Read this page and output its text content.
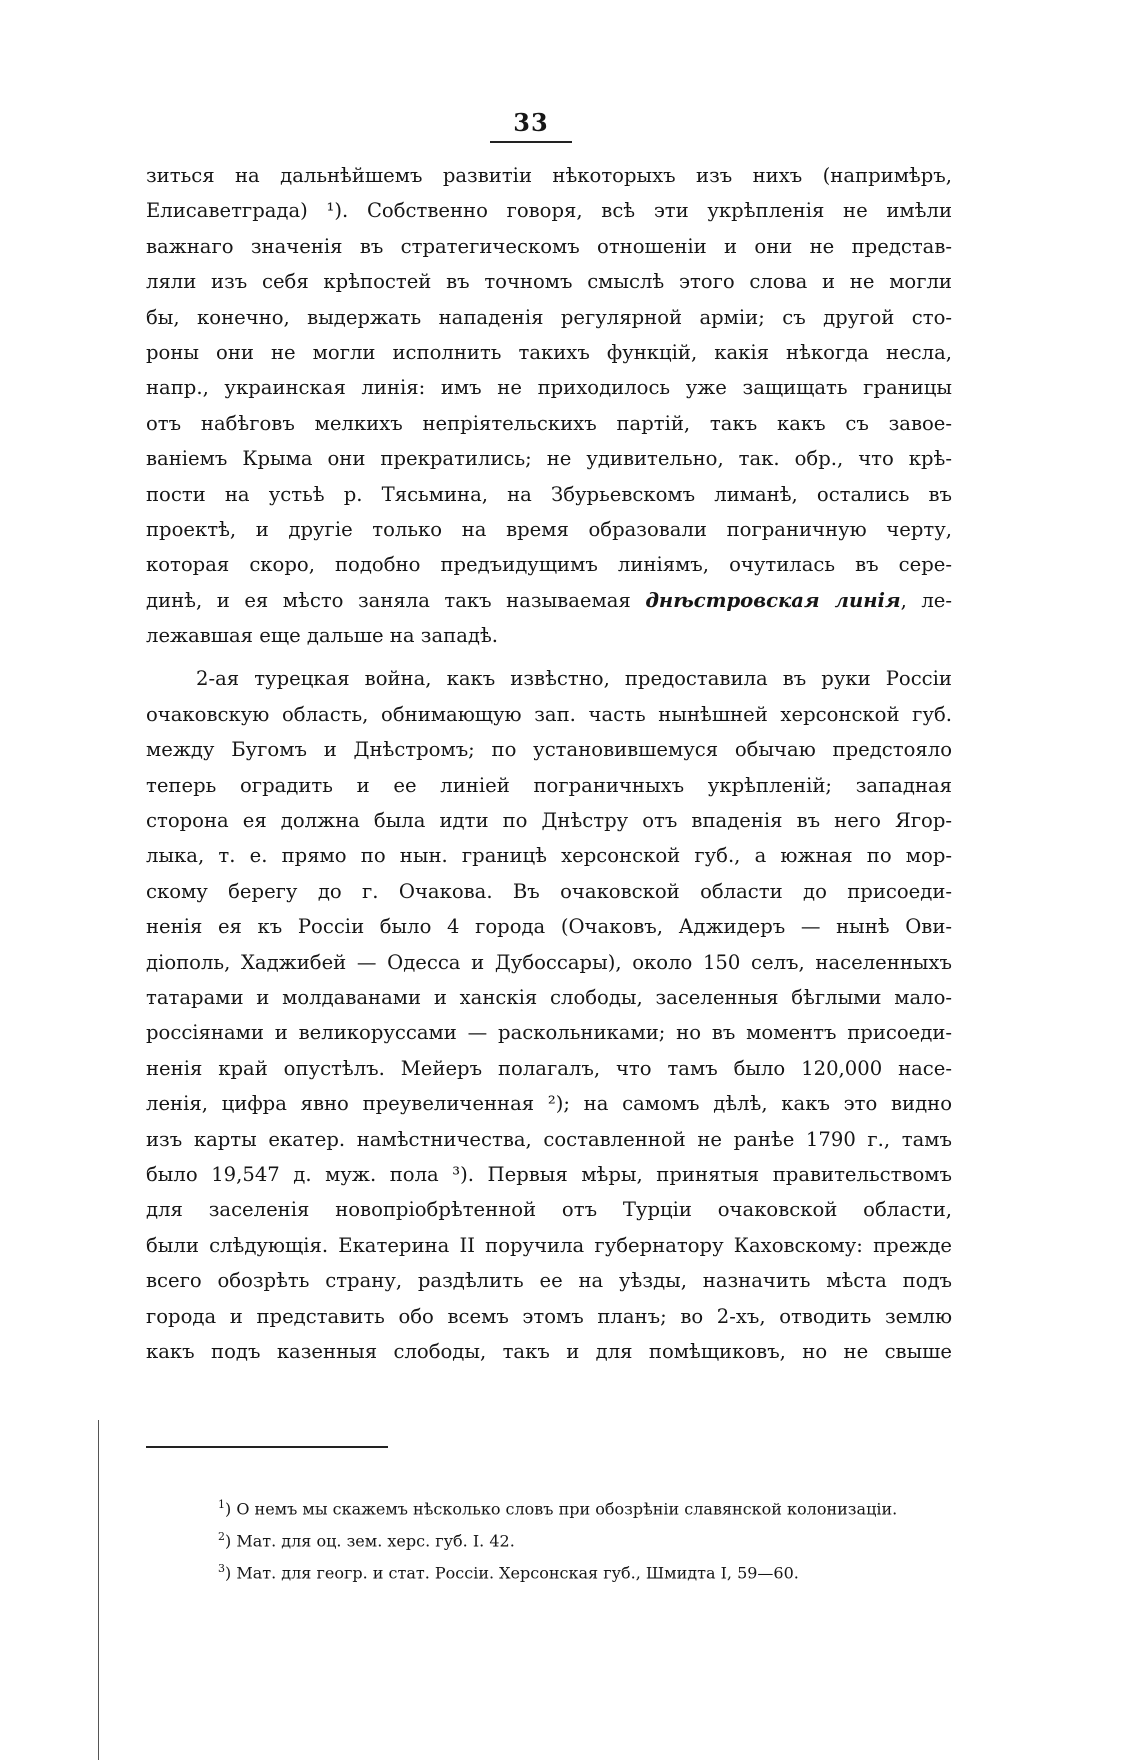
33
зиться на дальнѣйшемъ развитіи нѣкоторыхъ изъ нихъ (напримѣръ,
Елисаветграда) ¹). Собственно говоря, всѣ эти укрѣпленія не имѣли
важнаго значенія въ стратегическомъ отношеніи и они не представ-
ляли изъ себя крѣпостей въ точномъ смыслѣ этого слова и не могли
бы, конечно, выдержать нападенія регулярной арміи; съ другой сто-
роны они не могли исполнить такихъ функцій, какія нѣкогда несла,
напр., украинская линія: имъ не приходилось уже защищать границы
отъ набѣговъ мелкихъ непріятельскихъ партій, такъ какъ съ завое-
ваніемъ Крыма они прекратились; не удивительно, так. обр., что крѣ-
пости на устьѣ р. Тясьмина, на Збурьевскомъ лиманѣ, остались въ
проектѣ, и другіе только на время образовали пограничную черту,
которая скоро, подобно предъидущимъ линіямъ, очутилась въ сере-
динѣ, и ея мѣсто заняла такъ называемая днѣстровская линія, ле-
лежавшая еще дальше на западѣ.
2-ая турецкая война, какъ извѣстно, предоставила въ руки Россіи
очаковскую область, обнимающую зап. часть нынѣшней херсонской губ.
между Бугомъ и Днѣстромъ; по установившемуся обычаю предстояло
теперь оградить и ее линіей пограничныхъ укрѣпленій; западная
сторона ея должна была идти по Днѣстру отъ впаденія въ него Ягор-
лыка, т. е. прямо по нын. границѣ херсонской губ., а южная по мор-
скому берегу до г. Очакова. Въ очаковской области до присоеди-
ненія ея къ Россіи было 4 города (Очаковъ, Аджидеръ — нынѣ Ови-
діополь, Хаджибей — Одесса и Дубоссары), около 150 селъ, населенныхъ
татарами и молдаванами и ханскія слободы, заселенныя бѣглыми мало-
россіянами и великоруссами — раскольниками; но въ моментъ присоеди-
ненія край опустѣлъ. Мейеръ полагалъ, что тамъ было 120,000 насе-
ленія, цифра явно преувеличенная ²); на самомъ дѣлѣ, какъ это видно
изъ карты екатер. намѣстничества, составленной не ранѣе 1790 г., тамъ
было 19,547 д. муж. пола ³). Первыя мѣры, принятыя правительствомъ
для заселенія новопріобрѣтенной отъ Турціи очаковской области,
были слѣдующія. Екатерина II поручила губернатору Каховскому: прежде
всего обозрѣть страну, раздѣлить ее на уѣзды, назначить мѣста подъ
города и представить обо всемъ этомъ планъ; во 2-хъ, отводить землю
какъ подъ казенныя слободы, такъ и для помѣщиковъ, но не свыше
$^1$) О немъ мы скажемъ нѣсколько словъ при обозрѣніи славянской колонизаціи.
$^2$) Мат. для оц. зем. херс. губ. I. 42.
$^3$) Мат. для геогр. и стат. Россіи. Херсонская губ., Шмидта I, 59—60.
